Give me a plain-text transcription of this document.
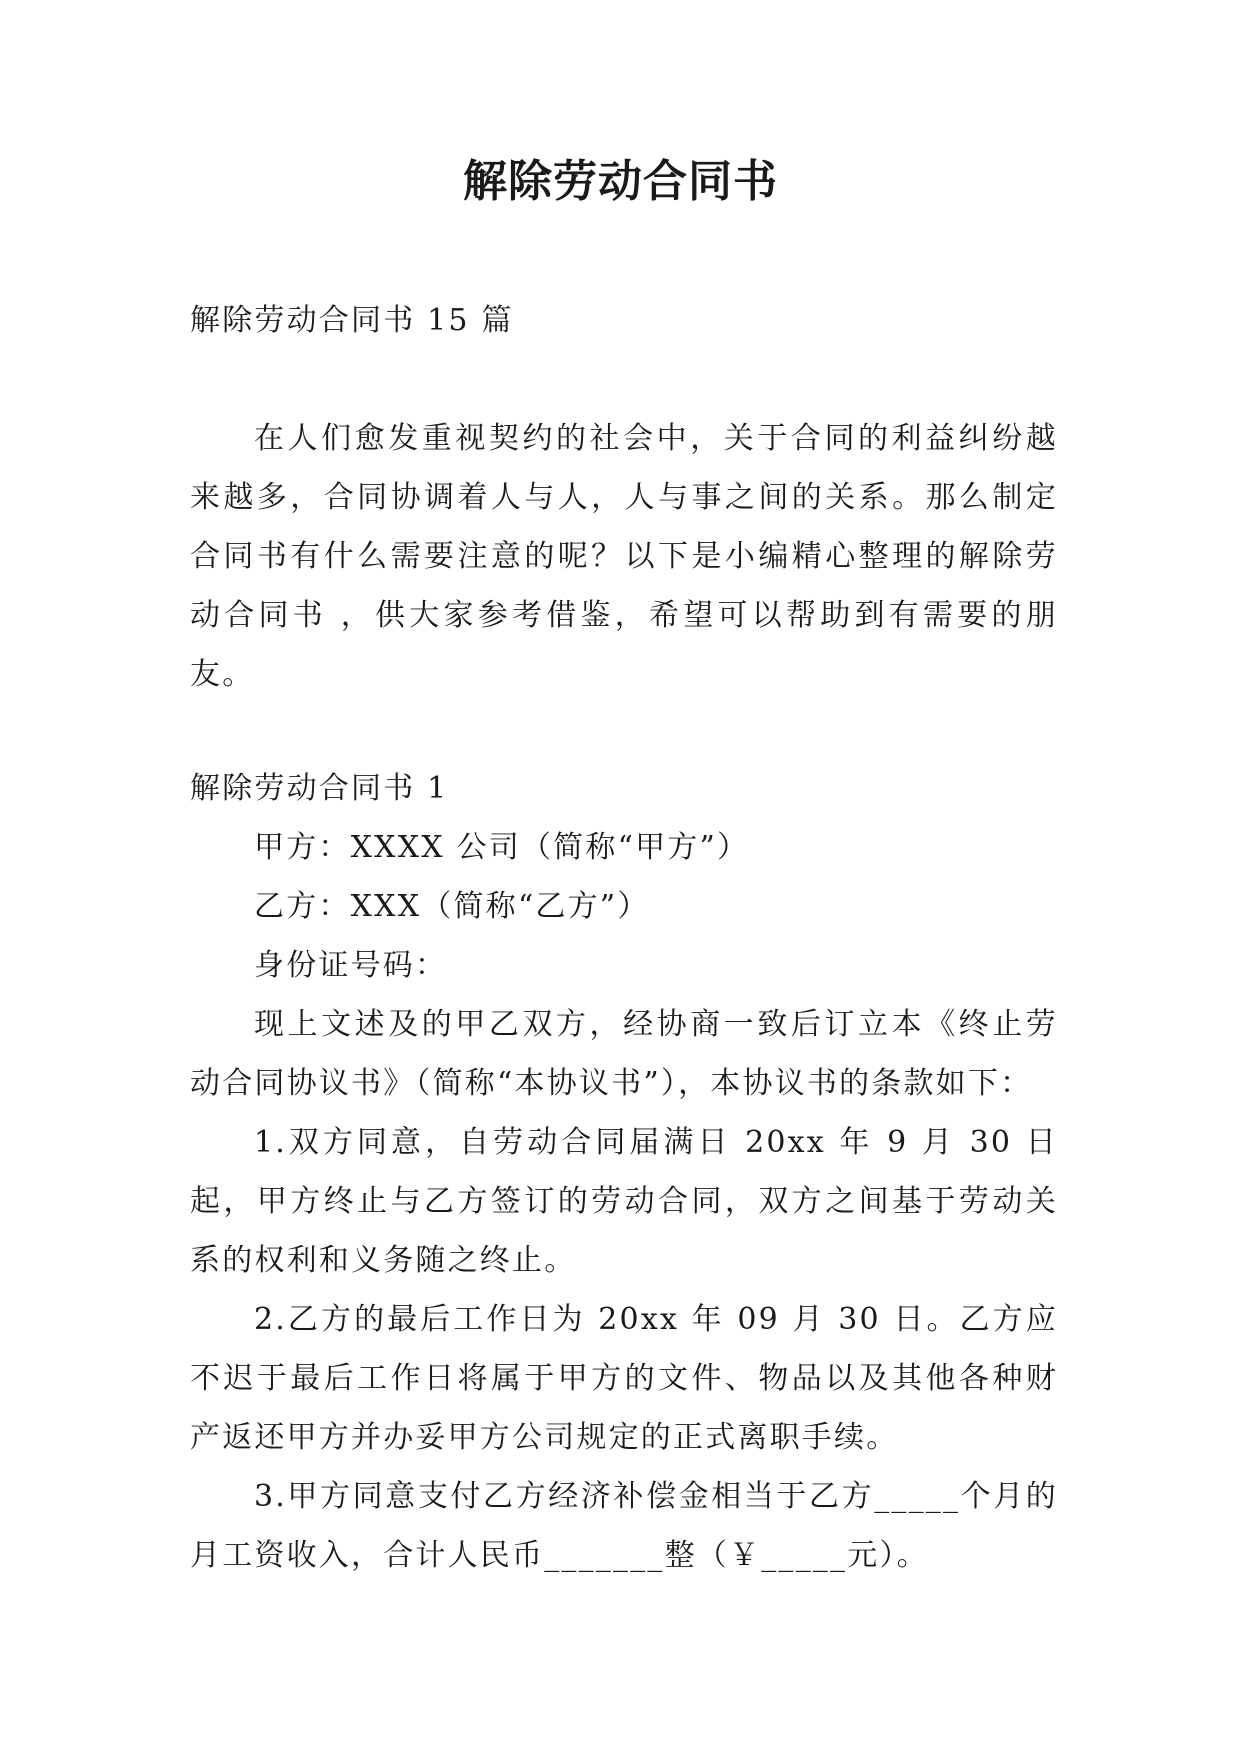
解除劳动合同书

解除劳动合同书 15 篇

在人们愈发重视契约的社会中，关于合同的利益纠纷越来越多，合同协调着人与人，人与事之间的关系。那么制定合同书有什么需要注意的呢？以下是小编精心整理的解除劳动合同书 ，供大家参考借鉴，希望可以帮助到有需要的朋友。

解除劳动合同书 1

甲方：XXXX 公司（简称“甲方”）

乙方：XXX（简称“乙方”）

身份证号码：

现上文述及的甲乙双方，经协商一致后订立本《终止劳动合同协议书》（简称“本协议书”），本协议书的条款如下：

1.双方同意，自劳动合同届满日 20xx 年 9 月 30 日起，甲方终止与乙方签订的劳动合同，双方之间基于劳动关系的权利和义务随之终止。

2.乙方的最后工作日为 20xx 年 09 月 30 日。乙方应不迟于最后工作日将属于甲方的文件、物品以及其他各种财产返还甲方并办妥甲方公司规定的正式离职手续。

3.甲方同意支付乙方经济补偿金相当于乙方_____个月的月工资收入，合计人民币_______整（￥_____元）。
